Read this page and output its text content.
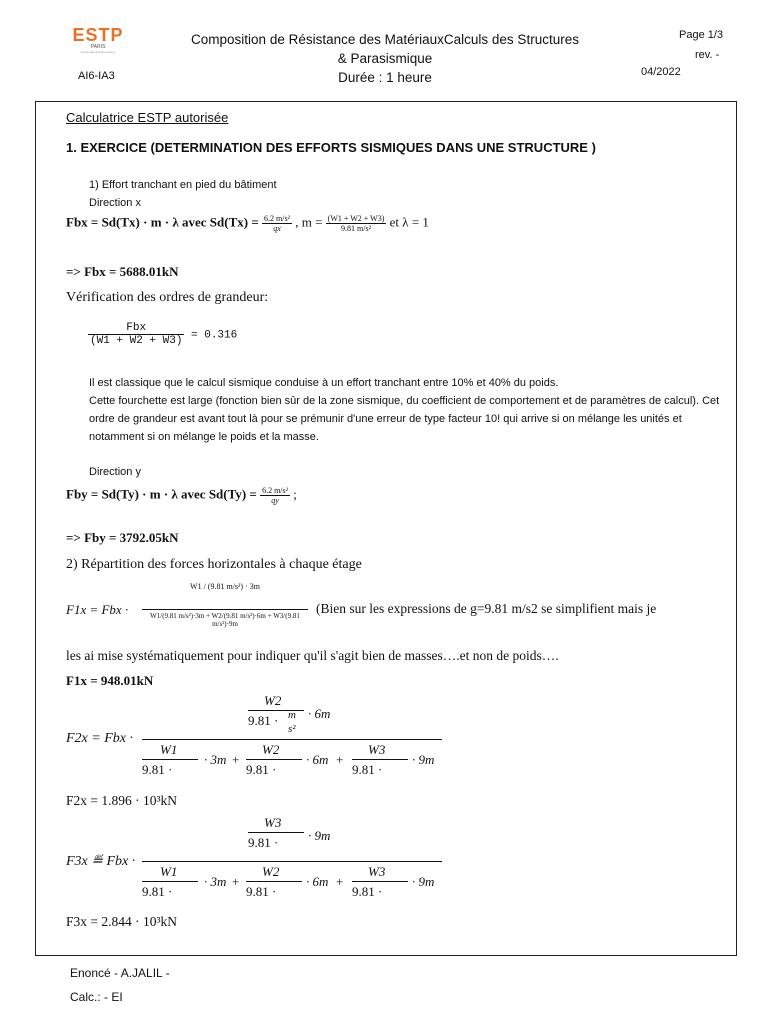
ESTP
PARIS
l'école des grands travaux
AI6-IA3
Composition de Résistance des MatériauxCalculs des Structures
& Parasismique
Durée : 1 heure
Page 1/3
rev. -
04/2022
Calculatrice ESTP autorisée
1. EXERCICE (DETERMINATION DES EFFORTS SISMIQUES DANS UNE STRUCTURE )
1) Effort tranchant en pied du bâtiment
Direction x
Fbx = Sd(Tx) · m · λ avec $Sd(Tx) = \frac{\text{6.2 m/s²}}{qx}$ , $m = \frac{(W1 + W2 + W3)}{\text{9.81 m/s²}}$ et λ = 1
=> Fbx = 5688.01kN
Vérification des ordres de grandeur:
$\frac{\text{Fbx}}{(W1 + W2 + W3)} = 0.316$
Il est classique que le calcul sismique conduise à un effort tranchant entre 10% et 40% du poids.
Cette fourchette est large (fonction bien sûr de la zone sismique, du coefficient de comportement et de paramètres de calcul). Cet ordre de grandeur est avant tout là pour se prémunir d'une erreur de type facteur 10! qui arrive si on mélange les unités et notamment si on mélange le poids et la masse.
Direction y
Fby = Sd(Ty) · m · λ avec $Sd(Ty) = \frac{\text{6.2 m/s²}}{qy}$ ;
=> Fby = 3792.05kN
2) Répartition des forces horizontales à chaque étage
F1x = Fbx ·
W1 / (9.81 m/s²) · 3m
W1/(9.81 m/s²)·3m + W2/(9.81 m/s²)·6m + W3/(9.81 m/s²)·9m
(Bien sur les expressions de g=9.81 m/s2 se simplifient mais je
les ai mise systématiquement pour indiquer qu'il s'agit bien de masses….et non de poids….
F1x = 948.01kN
F2x = Fbx ·
W2
9.81 · m
s²
· 6m
W1
9.81 ·
· 3m +
W2
9.81 ·
· 6m +
W3
9.81 ·
· 9m
F2x = 1.896 · 10³kN
F3x ≝ Fbx ·
W3
9.81 · · 9m
W1
9.81 ·
· 3m +
W2
9.81 ·
· 6m +
W3
9.81 ·
· 9m
F3x = 2.844 · 10³kN
Enoncé - A.JALIL -
Calc.: - EI
